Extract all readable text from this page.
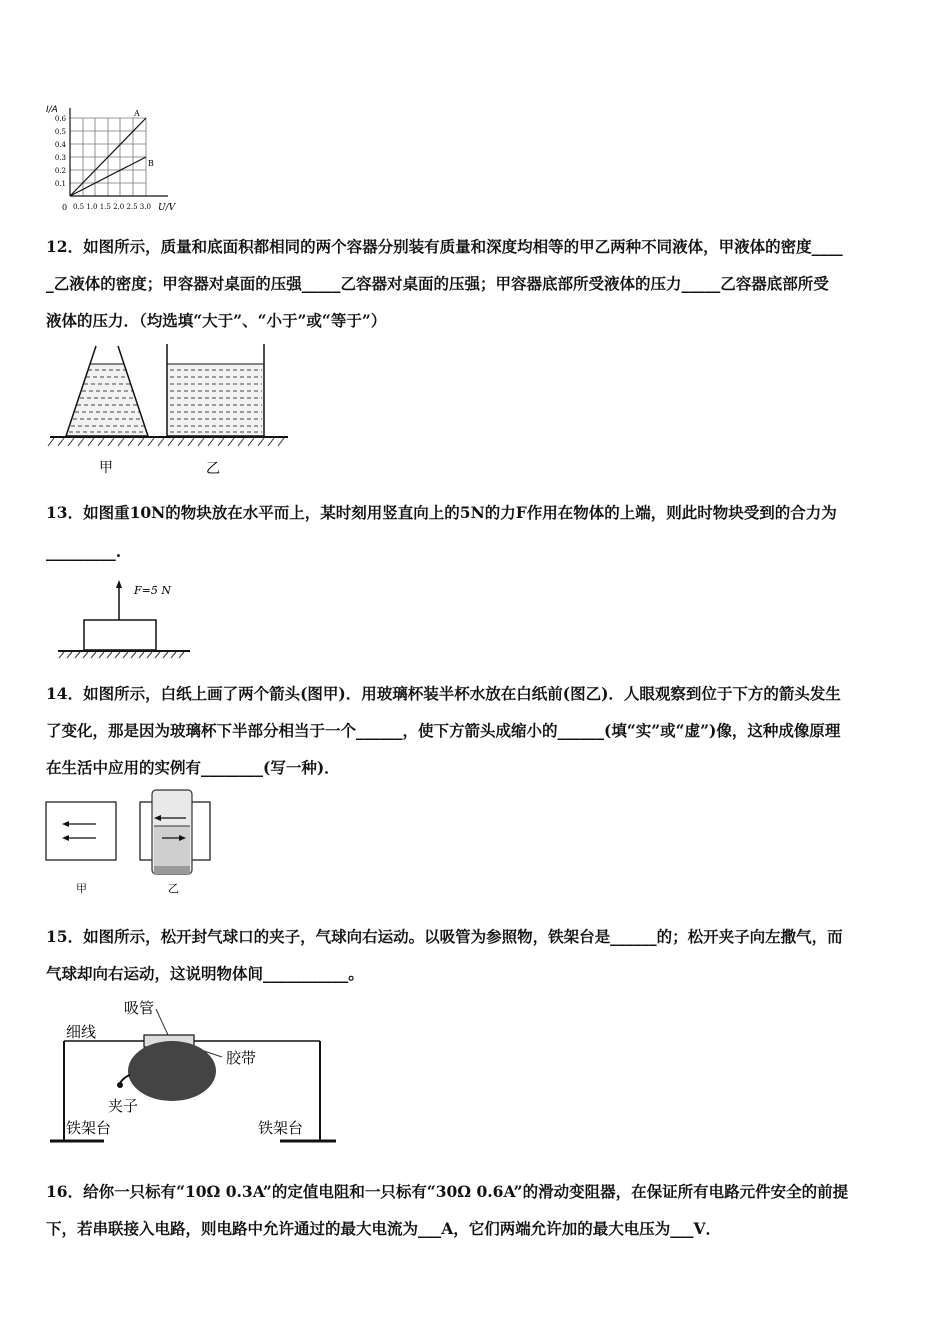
I/A	A
B
0.6
0.5
0.4
0.3
0.2
0.1
0 0.5 1.0 1.5 2.0 2.5 3.0 U/V
12．如图所示，质量和底面积都相同的两个容器分别装有质量和深度均相等的甲乙两种不同液体，甲液体的密度____
_乙液体的密度；甲容器对桌面的压强_____乙容器对桌面的压强；甲容器底部所受液体的压力_____乙容器底部所受
液体的压力．（均选填“大于”、“小于”或“等于”）
甲	乙
13．如图重10N的物块放在水平而上，某时刻用竖直向上的5N的力F作用在物体的上端，则此时物块受到的合力为
_________.
F=5 N
14．如图所示，白纸上画了两个箭头(图甲)．用玻璃杯装半杯水放在白纸前(图乙)．人眼观察到位于下方的箭头发生
了变化，那是因为玻璃杯下半部分相当于一个______，使下方箭头成缩小的______(填“实”或“虚”)像，这种成像原理
在生活中应用的实例有________(写一种)．
甲	乙
15．如图所示，松开封气球口的夹子，气球向右运动。以吸管为参照物，铁架台是______的；松开夹子向左撒气，而
气球却向右运动，这说明物体间___________。
吸管
细线
胶带
夹子
铁架台	铁架台
16．给你一只标有“10Ω 0.3A”的定值电阻和一只标有“30Ω 0.6A”的滑动变阻器，在保证所有电路元件安全的前提
下，若串联接入电路，则电路中允许通过的最大电流为___A，它们两端允许加的最大电压为___V．
